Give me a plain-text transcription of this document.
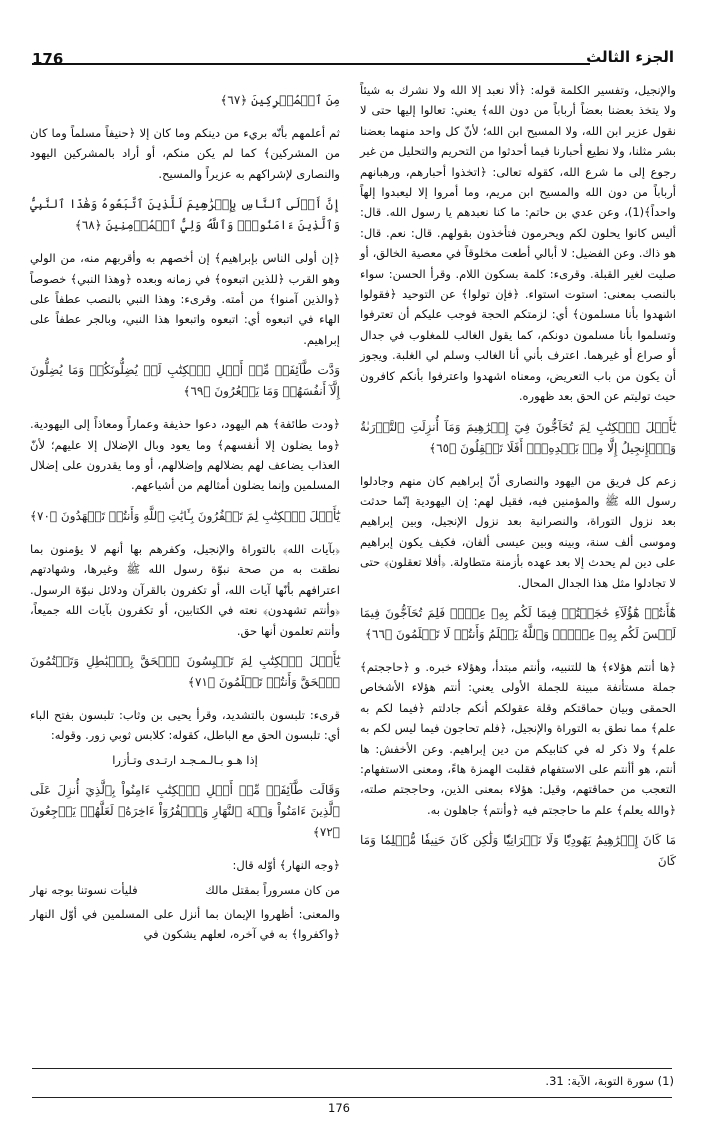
176	الجزء الثالث

والإنجيل، وتفسير الكلمة قوله: ﴿ألا نعبد إلا الله ولا نشرك به شيئاً ولا يتخذ بعضنا بعضاً أرباباً من دون الله﴾ يعني: تعالوا إليها حتى لا نقول عزير ابن الله، ولا المسيح ابن الله؛ لأنّ كل واحد منهما بعضنا بشر مثلنا، ولا نطيع أحبارنا فيما أحدثوا من التحريم والتحليل من غير رجوع إلى ما شرع الله، كقوله تعالى: ﴿اتخذوا أحبارهم، ورهبانهم أرباباً من دون الله والمسيح ابن مريم، وما أمروا إلا ليعبدوا إلهاً واحداً﴾(1)، وعن عدي بن حاتم: ما كنا نعبدهم يا رسول الله. قال: أليس كانوا يحلون لكم ويحرمون فتأخذون بقولهم. قال: نعم. قال: هو ذاك. وعن الفضيل: لا أبالي أطعت مخلوقاً في معصية الخالق، أو صليت لغير القبلة. وقرىء: كلمة بسكون اللام. وقرأ الحسن: سواء بالنصب بمعنى: استوت استواء. ﴿فإن تولوا﴾ عن التوحيد ﴿فقولوا اشهدوا بأنا مسلمون﴾ أي: لزمتكم الحجة فوجب عليكم أن تعترفوا وتسلموا بأنا مسلمون دونكم، كما يقول الغالب للمغلوب في جدال أو صراع أو غيرهما. اعترف بأني أنا الغالب وسلم لي الغلبة. ويجوز أن يكون من باب التعريض، ومعناه اشهدوا واعترفوا بأنكم كافرون حيث توليتم عن الحق بعد ظهوره.

يَٰٓأَهۡلَ ٱلۡكِتَٰبِ لِمَ تُحَآجُّونَ فِيٓ إِبۡرَٰهِيمَ وَمَآ أُنزِلَتِ ٱلتَّوۡرَىٰةُ وَٱلۡإِنجِيلُ إِلَّا مِنۢ بَعۡدِهِۦٓۚ أَفَلَا تَعۡقِلُونَ ﴿٦٥﴾

زعم كل فريق من اليهود والنصارى أنّ إبراهيم كان منهم وجادلوا رسول الله ﷺ والمؤمنين فيه، فقيل لهم: إن اليهودية إنّما حدثت بعد نزول التوراة، والنصرانية بعد نزول الإنجيل، وبين إبراهيم وموسى ألف سنة، وبينه وبين عيسى ألفان، فكيف يكون إبراهيم على دين لم يحدث إلا بعد عهده بأزمنة متطاولة. ﴿أفلا تعقلون﴾ حتى لا تجادلوا مثل هذا الجدال المحال.

هَٰٓأَنتُمۡ هَٰٓؤُلَآءِ حَٰجَجۡتُمۡ فِيمَا لَكُم بِهِۦ عِلۡمٞ فَلِمَ تُحَآجُّونَ فِيمَا لَيۡسَ لَكُم بِهِۦ عِلۡمٞۚ وَٱللَّهُ يَعۡلَمُ وَأَنتُمۡ لَا تَعۡلَمُونَ ﴿٦٦﴾

﴿ها أنتم هؤلاء﴾ ها للتنبيه، وأنتم مبتدأ، وهؤلاء خبره. و ﴿حاججتم﴾ جملة مستأنفة مبينة للجملة الأولى يعني: أنتم هؤلاء الأشخاص الحمقى وبيان حماقتكم وقلة عقولكم أنكم جادلتم ﴿فيما لكم به علم﴾ مما نطق به التوراة والإنجيل، ﴿فلم تحاجون فيما ليس لكم به علم﴾ ولا ذكر له في كتابيكم من دين إبراهيم. وعن الأخفش: ها أنتم، هو أأنتم على الاستفهام فقلبت الهمزة هاءً، ومعنى الاستفهام: التعجب من حماقتهم، وقيل: هؤلاء بمعنى الذين، وحاججتم صلته، ﴿والله يعلم﴾ علم ما حاججتم فيه ﴿وأنتم﴾ جاهلون به.

مَا كَانَ إِبۡرَٰهِيمُ يَهُودِيّٗا وَلَا نَصۡرَانِيّٗا وَلَٰكِن كَانَ حَنِيفٗا مُّسۡلِمٗا وَمَا كَانَ

مِنَ ٱلۡمُشۡرِكِينَ ﴿٦٧﴾

ثم أعلمهم بأنّه بريء من دينكم وما كان إلا ﴿حنيفاً مسلماً وما كان من المشركين﴾ كما لم يكن منكم، أو أراد بالمشركين اليهود والنصارى لإشراكهم به عزيراً والمسيح.

إِنَّ أَوۡلَى ٱلنَّاسِ بِإِبۡرَٰهِيمَ لَلَّذِينَ ٱتَّبَعُوهُ وَهَٰذَا ٱلنَّبِيُّ وَٱلَّذِينَ ءَامَنُواْۗ وَٱللَّهُ وَلِيُّ ٱلۡمُؤۡمِنِينَ ﴿٦٨﴾

﴿إن أولى الناس بإبراهيم﴾ إن أخصهم به وأقربهم منه، من الولي وهو القرب ﴿للذين اتبعوه﴾ في زمانه وبعده ﴿وهذا النبي﴾ خصوصاً ﴿والذين آمنوا﴾ من أمته. وقرىء: وهذا النبي بالنصب عطفاً على الهاء في اتبعوه أي: اتبعوه واتبعوا هذا النبي، وبالجر عطفاً على إبراهيم.

وَدَّت طَّآئِفَةٞ مِّنۡ أَهۡلِ ٱلۡكِتَٰبِ لَوۡ يُضِلُّونَكُمۡ وَمَا يُضِلُّونَ إِلَّآ أَنفُسَهُمۡ وَمَا يَشۡعُرُونَ ﴿٦٩﴾

﴿ودت طائفة﴾ هم اليهود، دعوا حذيفة وعماراً ومعاذاً إلى اليهودية. ﴿وما يضلون إلا أنفسهم﴾ وما يعود وبال الإضلال إلا عليهم؛ لأنّ العذاب يضاعف لهم بضلالهم وإضلالهم، أو وما يقدرون على إضلال المسلمين وإنما يضلون أمثالهم من أشياعهم.

يَٰٓأَهۡلَ ٱلۡكِتَٰبِ لِمَ تَكۡفُرُونَ بِـَٔايَٰتِ ٱللَّهِ وَأَنتُمۡ تَشۡهَدُونَ ﴿٧٠﴾

﴿بآيات الله﴾ بالتوراة والإنجيل، وكفرهم بها أنهم لا يؤمنون بما نطقت به من صحة نبوّة رسول الله ﷺ وغيرها، وشهادتهم اعترافهم بأنّها آيات الله، أو تكفرون بالقرآن ودلائل نبوّة الرسول. ﴿وأنتم تشهدون﴾ نعته في الكتابين، أو تكفرون بآيات الله جميعاً، وأنتم تعلمون أنها حق.

يَٰٓأَهۡلَ ٱلۡكِتَٰبِ لِمَ تَلۡبِسُونَ ٱلۡحَقَّ بِٱلۡبَٰطِلِ وَتَكۡتُمُونَ ٱلۡحَقَّ وَأَنتُمۡ تَعۡلَمُونَ ﴿٧١﴾

قرىء: تلبسون بالتشديد، وقرأ يحيى بن وثاب: تلبسون بفتح الباء أي: تلبسون الحق مع الباطل، كقوله: كلابس ثوبي زور. وقوله:

إذا هـو بـالـمـجـد ارتـدى وتـأزرا

وَقَالَت طَّآئِفَةٞ مِّنۡ أَهۡلِ ٱلۡكِتَٰبِ ءَامِنُواْ بِٱلَّذِيٓ أُنزِلَ عَلَى ٱلَّذِينَ ءَامَنُواْ وَجۡهَ ٱلنَّهَارِ وَٱكۡفُرُوٓاْ ءَاخِرَهُۥ لَعَلَّهُمۡ يَرۡجِعُونَ ﴿٧٢﴾

﴿وجه النهار﴾ أوّله قال:

من كان مسروراً بمقتل مالك
فليأت نسوتنا بوجه نهار

والمعنى: أظهروا الإيمان بما أنزل على المسلمين في أوّل النهار ﴿واكفروا﴾ به في آخره، لعلهم يشكون في

(1) سورة التوبة، الآية: 31.
176
